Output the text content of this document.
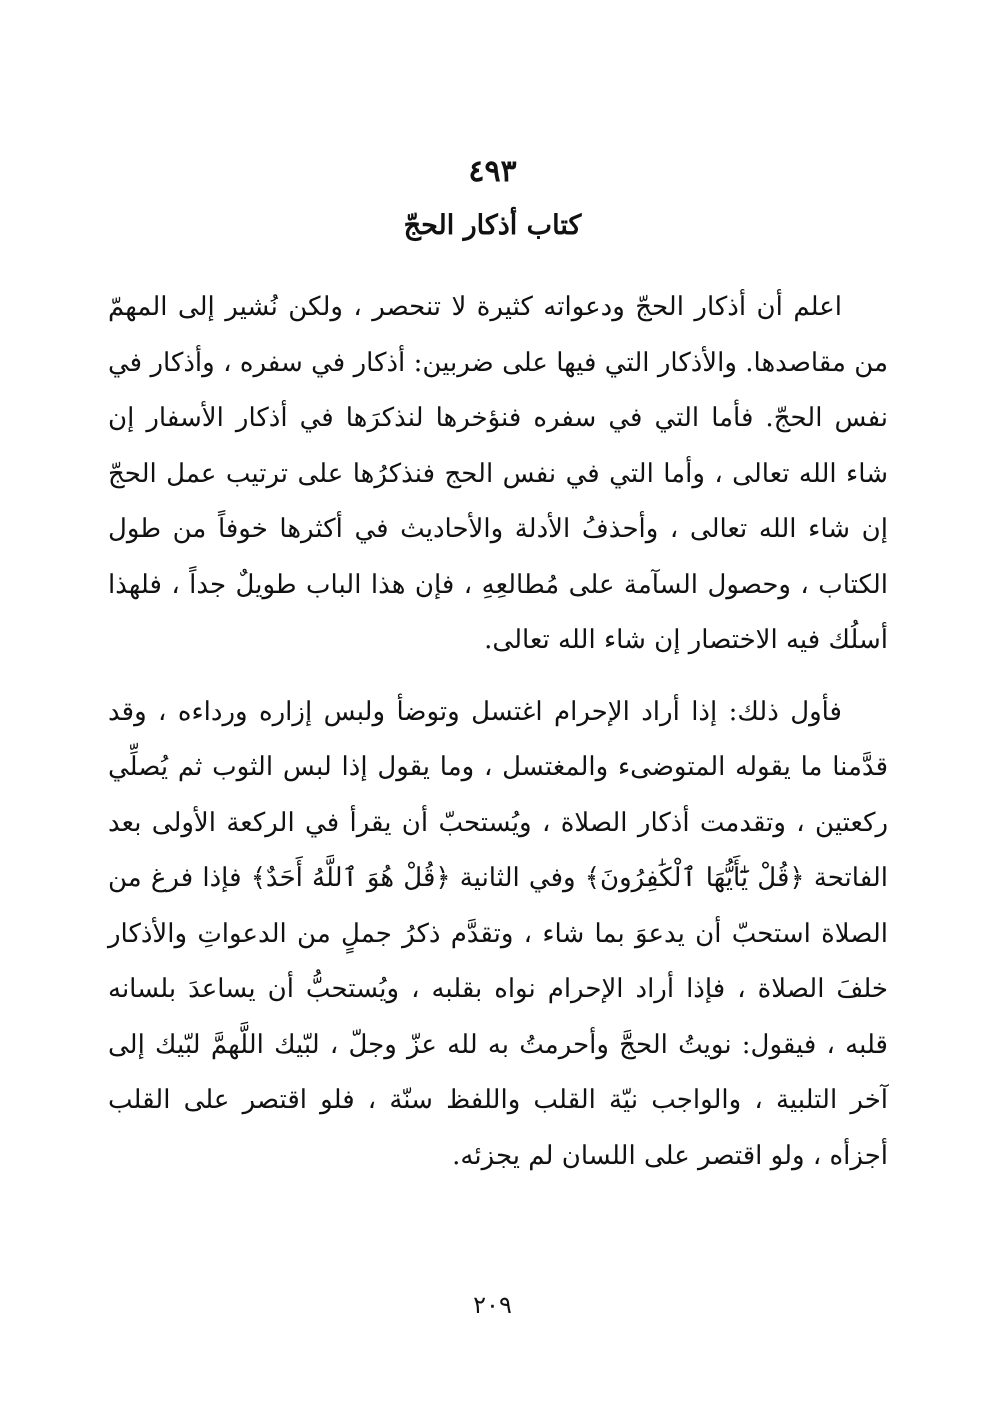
٤٩٣
كتاب أذكار الحجّ

اعلم أن أذكار الحجّ ودعواته كثيرة لا تنحصر ، ولكن نُشير إلى المهمّ من مقاصدها. والأذكار التي فيها على ضربين: أذكار في سفره ، وأذكار في نفس الحجّ. فأما التي في سفره فنؤخرها لنذكرَها في أذكار الأسفار إن شاء الله تعالى ، وأما التي في نفس الحج فنذكرُها على ترتيب عمل الحجّ إن شاء الله تعالى ، وأحذفُ الأدلة والأحاديث في أكثرها خوفاً من طول الكتاب ، وحصول السآمة على مُطالعِهِ ، فإن هذا الباب طويلٌ جداً ، فلهذا أسلُك فيه الاختصار إن شاء الله تعالى.

فأول ذلك: إذا أراد الإحرام اغتسل وتوضأ ولبس إزاره ورداءه ، وقد قدَّمنا ما يقوله المتوضىء والمغتسل ، وما يقول إذا لبس الثوب ثم يُصلِّي ركعتين ، وتقدمت أذكار الصلاة ، ويُستحبّ أن يقرأ في الركعة الأولى بعد الفاتحة ﴿قُلْ يَٰٓأَيُّهَا ٱلْكَٰفِرُونَ﴾ وفي الثانية ﴿قُلْ هُوَ ٱللَّهُ أَحَدٌ﴾ فإذا فرغ من الصلاة استحبّ أن يدعوَ بما شاء ، وتقدَّم ذكرُ جملٍ من الدعواتِ والأذكار خلفَ الصلاة ، فإذا أراد الإحرام نواه بقلبه ، ويُستحبُّ أن يساعدَ بلسانه قلبه ، فيقول: نويتُ الحجَّ وأحرمتُ به لله عزّ وجلّ ، لبّيك اللَّهمَّ لبّيك إلى آخر التلبية ، والواجب نيّة القلب واللفظ سنّة ، فلو اقتصر على القلب أجزأه ، ولو اقتصر على اللسان لم يجزئه.

٢٠٩
